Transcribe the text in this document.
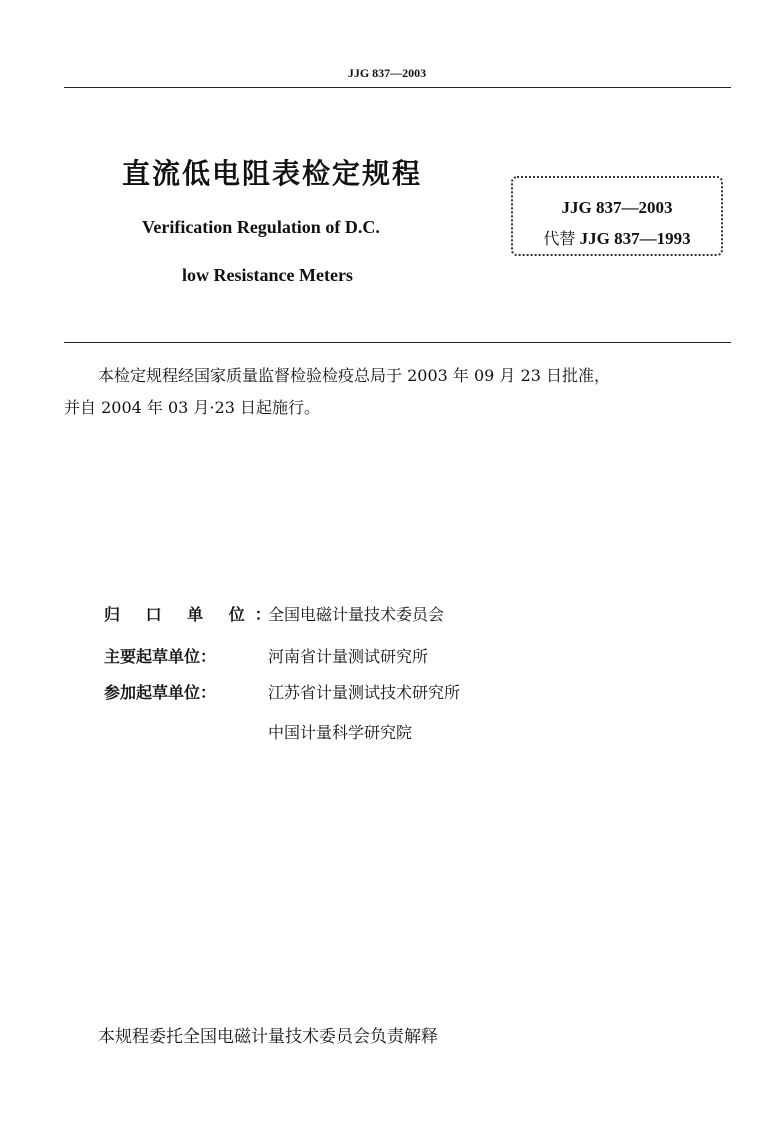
JJG 837—2003
直流低电阻表检定规程
Verification Regulation of D.C.
low Resistance Meters
JJG 837—2003
代替 JJG 837—1993
本检定规程经国家质量监督检验检疫总局于 2003 年 09 月 23 日批准，
并自 2004 年 03 月·23 日起施行。
归 口 单 位：
全国电磁计量技术委员会
主要起草单位：	河南省计量测试研究所
参加起草单位：	江苏省计量测试技术研究所
中国计量科学研究院
本规程委托全国电磁计量技术委员会负责解释
